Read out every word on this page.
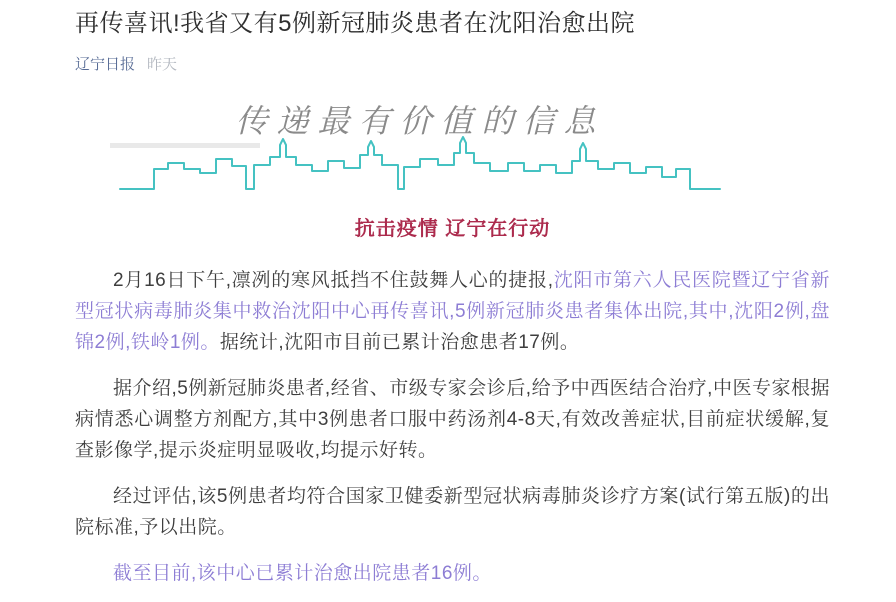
再传喜讯!我省又有5例新冠肺炎患者在沈阳治愈出院
辽宁日报 昨天
传递最有价值的信息
抗击疫情 辽宁在行动

2月16日下午,凛冽的寒风抵挡不住鼓舞人心的捷报,沈阳市第六人民医院暨辽宁省新型冠状病毒肺炎集中救治沈阳中心再传喜讯,5例新冠肺炎患者集体出院,其中,沈阳2例,盘锦2例,铁岭1例。据统计,沈阳市目前已累计治愈患者17例。

据介绍,5例新冠肺炎患者,经省、市级专家会诊后,给予中西医结合治疗,中医专家根据病情悉心调整方剂配方,其中3例患者口服中药汤剂4-8天,有效改善症状,目前症状缓解,复查影像学,提示炎症明显吸收,均提示好转。

经过评估,该5例患者均符合国家卫健委新型冠状病毒肺炎诊疗方案(试行第五版)的出院标准,予以出院。

截至目前,该中心已累计治愈出院患者16例。
